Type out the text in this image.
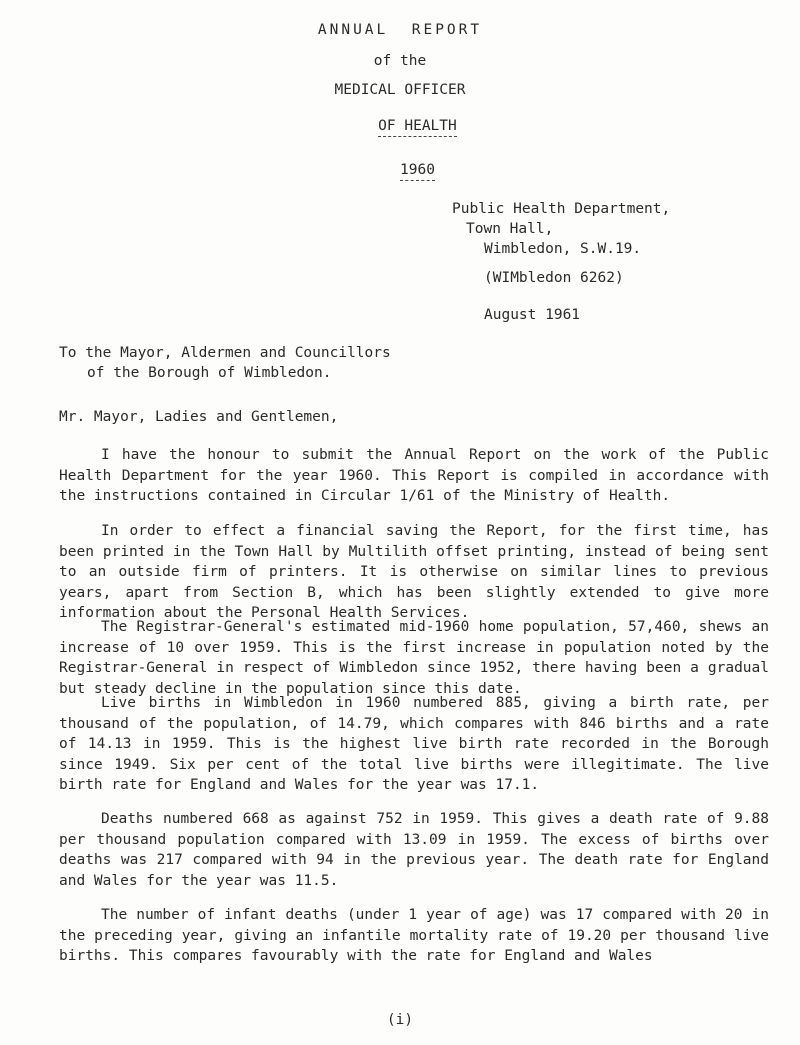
ANNUAL  REPORT
of the
MEDICAL OFFICER

OF HEALTH

1960

Public Health Department,
Town Hall,
Wimbledon, S.W.19.
(WIMbledon 6262)
August 1961
To the Mayor, Aldermen and Councillors
of the Borough of Wimbledon.
Mr. Mayor, Ladies and Gentlemen,

I have the honour to submit the Annual Report on the work of the Public Health Department for the year 1960. This Report is compiled in accordance with the instructions contained in Circular 1/61 of the Ministry of Health.

In order to effect a financial saving the Report, for the first time, has been printed in the Town Hall by Multilith offset printing, instead of being sent to an outside firm of printers. It is otherwise on similar lines to previous years, apart from Section B, which has been slightly extended to give more information about the Personal Health Services.

The Registrar-General's estimated mid-1960 home population, 57,460, shews an increase of 10 over 1959. This is the first increase in population noted by the Registrar-General in respect of Wimbledon since 1952, there having been a gradual but steady decline in the population since this date.

Live births in Wimbledon in 1960 numbered 885, giving a birth rate, per thousand of the population, of 14.79, which compares with 846 births and a rate of 14.13 in 1959. This is the highest live birth rate recorded in the Borough since 1949. Six per cent of the total live births were illegitimate. The live birth rate for England and Wales for the year was 17.1.

Deaths numbered 668 as against 752 in 1959. This gives a death rate of 9.88 per thousand population compared with 13.09 in 1959. The excess of births over deaths was 217 compared with 94 in the previous year. The death rate for England and Wales for the year was 11.5.

The number of infant deaths (under 1 year of age) was 17 compared with 20 in the preceding year, giving an infantile mortality rate of 19.20 per thousand live births. This compares favourably with the rate for England and Wales

(i)
